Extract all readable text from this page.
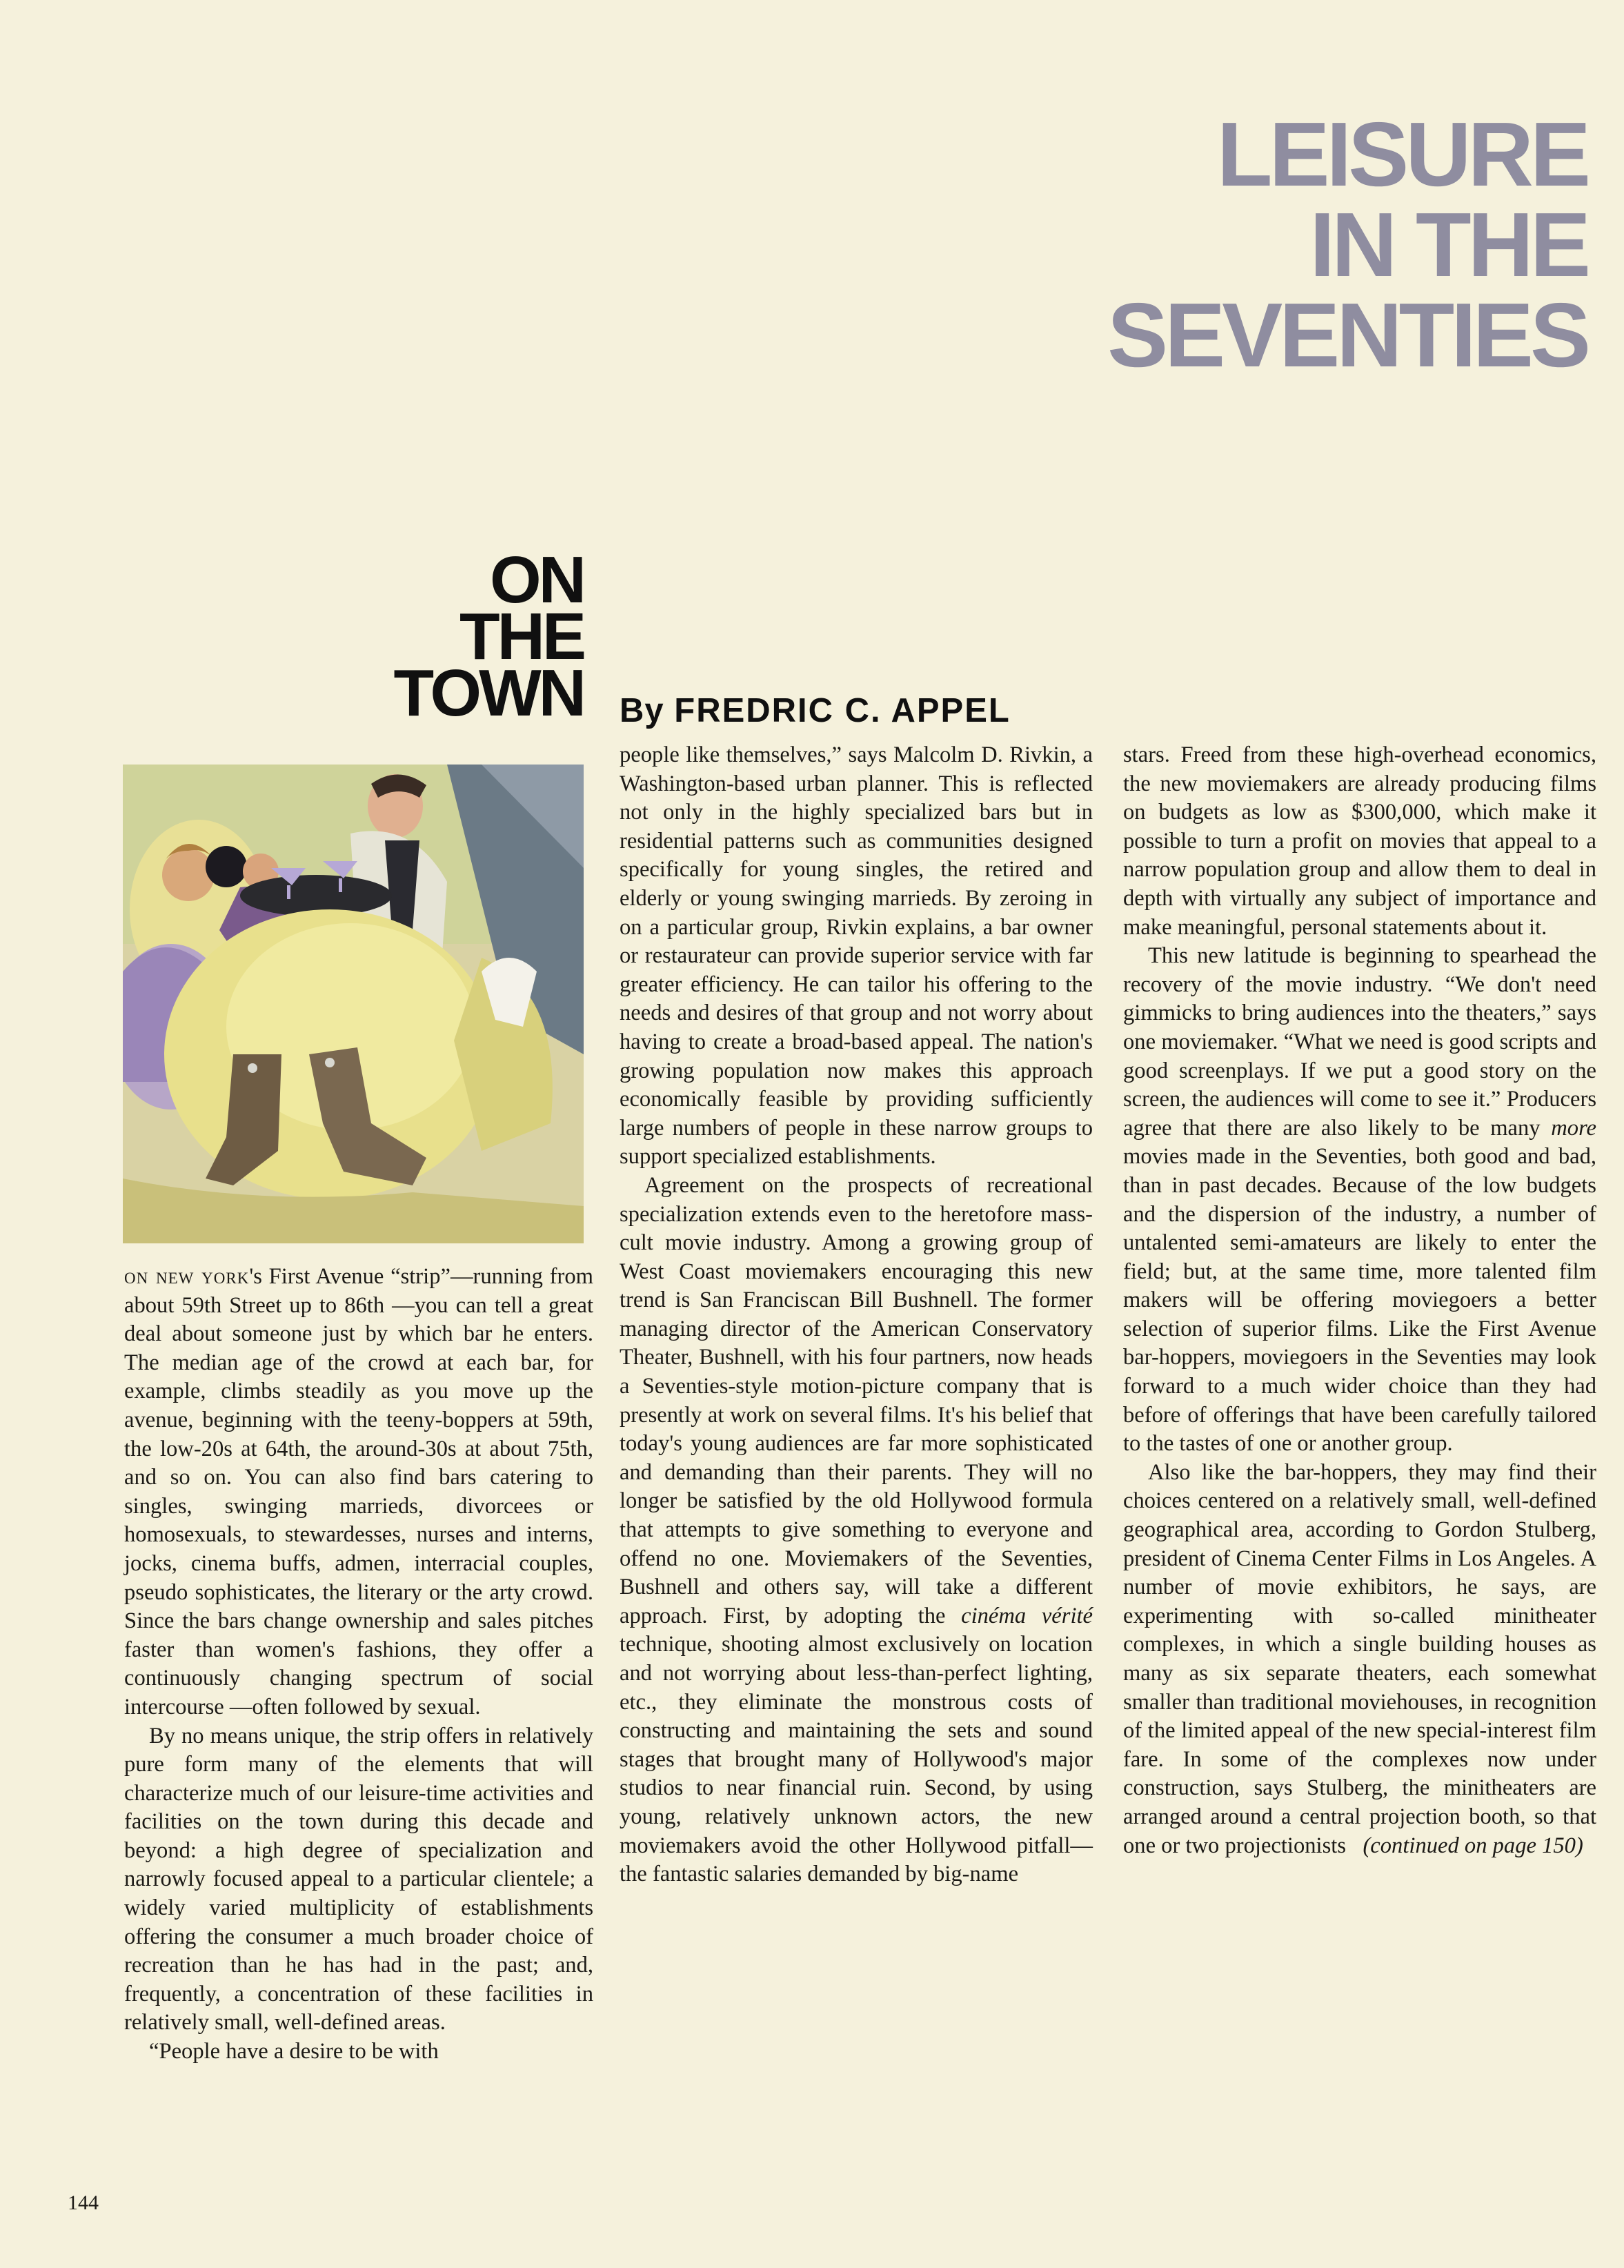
LEISURE
IN THE
SEVENTIES
ON
THE
TOWN By FREDRIC C. APPEL

on new york's First Avenue “strip”—running from about 59th Street up to 86th —you can tell a great deal about someone just by which bar he enters. The median age of the crowd at each bar, for example, climbs steadily as you move up the avenue, beginning with the teeny-boppers at 59th, the low-20s at 64th, the around-30s at about 75th, and so on. You can also find bars catering to singles, swinging marrieds, divorcees or homosexuals, to stewardesses, nurses and interns, jocks, cinema buffs, admen, interracial couples, pseudo sophisticates, the literary or the arty crowd. Since the bars change ownership and sales pitches faster than women's fashions, they offer a continuously changing spectrum of social intercourse —often followed by sexual.

By no means unique, the strip offers in relatively pure form many of the elements that will characterize much of our leisure-time activities and facilities on the town during this decade and beyond: a high degree of specialization and narrowly focused appeal to a particular clientele; a widely varied multiplicity of establishments offering the consumer a much broader choice of recreation than he has had in the past; and, frequently, a concentration of these facilities in relatively small, well-defined areas.

“People have a desire to be with

people like themselves,” says Malcolm D. Rivkin, a Washington-based urban planner. This is reflected not only in the highly specialized bars but in residential patterns such as communities designed specifically for young singles, the retired and elderly or young swinging marrieds. By zeroing in on a particular group, Rivkin explains, a bar owner or restaurateur can provide superior service with far greater efficiency. He can tailor his offering to the needs and desires of that group and not worry about having to create a broad-based appeal. The nation's growing population now makes this approach economically feasible by providing sufficiently large numbers of people in these narrow groups to support specialized establishments.

Agreement on the prospects of recreational specialization extends even to the heretofore mass-cult movie industry. Among a growing group of West Coast moviemakers encouraging this new trend is San Franciscan Bill Bushnell. The former managing director of the American Conservatory Theater, Bushnell, with his four partners, now heads a Seventies-style motion-picture company that is presently at work on several films. It's his belief that today's young audiences are far more sophisticated and demanding than their parents. They will no longer be satisfied by the old Hollywood formula that attempts to give something to everyone and offend no one. Moviemakers of the Seventies, Bushnell and others say, will take a different approach. First, by adopting the cinéma vérité technique, shooting almost exclusively on location and not worrying about less-than-perfect lighting, etc., they eliminate the monstrous costs of constructing and maintaining the sets and sound stages that brought many of Hollywood's major studios to near financial ruin. Second, by using young, relatively unknown actors, the new moviemakers avoid the other Hollywood pitfall—the fantastic salaries demanded by big-name

stars. Freed from these high-overhead economics, the new moviemakers are already producing films on budgets as low as $300,000, which make it possible to turn a profit on movies that appeal to a narrow population group and allow them to deal in depth with virtually any subject of importance and make meaningful, personal statements about it.

This new latitude is beginning to spearhead the recovery of the movie industry. “We don't need gimmicks to bring audiences into the theaters,” says one moviemaker. “What we need is good scripts and good screenplays. If we put a good story on the screen, the audiences will come to see it.” Producers agree that there are also likely to be many more movies made in the Seventies, both good and bad, than in past decades. Because of the low budgets and the dispersion of the industry, a number of untalented semi-amateurs are likely to enter the field; but, at the same time, more talented film makers will be offering moviegoers a better selection of superior films. Like the First Avenue bar-hoppers, moviegoers in the Seventies may look forward to a much wider choice than they had before of offerings that have been carefully tailored to the tastes of one or another group.

Also like the bar-hoppers, they may find their choices centered on a relatively small, well-defined geographical area, according to Gordon Stulberg, president of Cinema Center Films in Los Angeles. A number of movie exhibitors, he says, are experimenting with so-called minitheater complexes, in which a single building houses as many as six separate theaters, each somewhat smaller than traditional moviehouses, in recognition of the limited appeal of the new special-interest film fare. In some of the complexes now under construction, says Stulberg, the minitheaters are arranged around a central projection booth, so that one or two projectionists (continued on page 150)

144
